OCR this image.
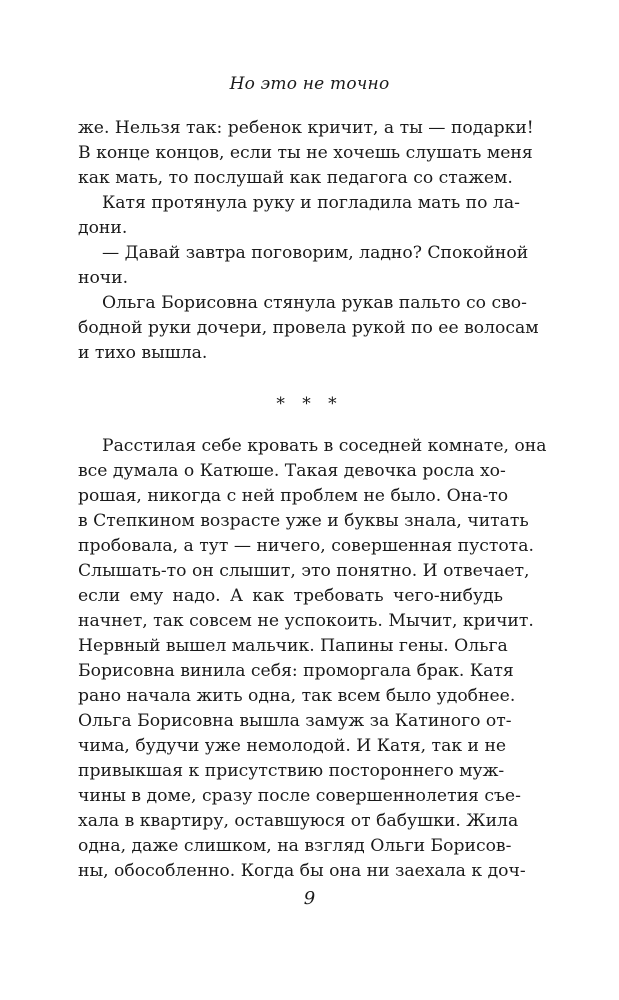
Но это не точно
же. Нельзя так: ребенок кричит, а ты — подарки!
В конце концов, если ты не хочешь слушать меня
как мать, то послушай как педагога со стажем.
Катя протянула руку и погладила мать по ла-
дони.
— Давай завтра поговорим, ладно? Спокойной
ночи.
Ольга Борисовна стянула рукав пальто со сво-
бодной руки дочери, провела рукой по ее волосам
и тихо вышла.
* * *
Расстилая себе кровать в соседней комнате, она
все думала о Катюше. Такая девочка росла хо-
рошая, никогда с ней проблем не было. Она-то
в Степкином возрасте уже и буквы знала, читать
пробовала, а тут — ничего, совершенная пустота.
Слышать-то он слышит, это понятно. И отвечает,
если ему надо. А как требовать чего-нибудь
начнет, так совсем не успокоить. Мычит, кричит.
Нервный вышел мальчик. Папины гены. Ольга
Борисовна винила себя: проморгала брак. Катя
рано начала жить одна, так всем было удобнее.
Ольга Борисовна вышла замуж за Катиного от-
чима, будучи уже немолодой. И Катя, так и не
привыкшая к присутствию постороннего муж-
чины в доме, сразу после совершеннолетия съе-
хала в квартиру, оставшуюся от бабушки. Жила
одна, даже слишком, на взгляд Ольги Борисов-
ны, обособленно. Когда бы она ни заехала к доч-
9
